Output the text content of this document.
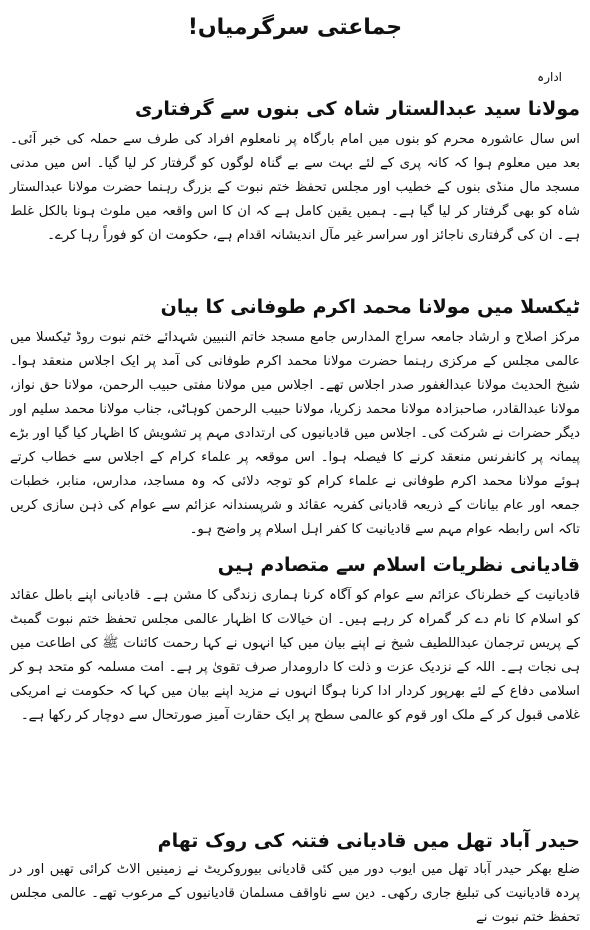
جماعتی سرگرمیاں!
ادارہ
مولانا سید عبدالستار شاہ کی بنوں سے گرفتاری

اس سال عاشورہ محرم کو بنوں میں امام بارگاہ پر نامعلوم افراد کی طرف سے حملہ کی خبر آئی۔ بعد میں معلوم ہوا کہ کانہ پری کے لئے بہت سے بے گناہ لوگوں کو گرفتار کر لیا گیا۔ اس میں مدنی مسجد مال منڈی بنوں کے خطیب اور مجلس تحفظ ختم نبوت کے بزرگ رہنما حضرت مولانا عبدالستار شاہ کو بھی گرفتار کر لیا گیا ہے۔ ہمیں یقین کامل ہے کہ ان کا اس واقعہ میں ملوث ہونا بالکل غلط ہے۔ ان کی گرفتاری ناجائز اور سراسر غیر مآل اندیشانہ اقدام ہے، حکومت ان کو فوراً رہا کرے۔

ٹیکسلا میں مولانا محمد اکرم طوفانی کا بیان

مرکز اصلاح و ارشاد جامعہ سراج المدارس جامع مسجد خاتم النبیین شہدائے ختم نبوت روڈ ٹیکسلا میں عالمی مجلس کے مرکزی رہنما حضرت مولانا محمد اکرم طوفانی کی آمد پر ایک اجلاس منعقد ہوا۔ شیخ الحدیث مولانا عبدالغفور صدر اجلاس تھے۔ اجلاس میں مولانا مفتی حبیب الرحمن، مولانا حق نواز، مولانا عبدالقادر، صاحبزادہ مولانا محمد زکریا، مولانا حبیب الرحمن کوہاٹی، جناب مولانا محمد سلیم اور دیگر حضرات نے شرکت کی۔ اجلاس میں قادیانیوں کی ارتدادی مہم پر تشویش کا اظہار کیا گیا اور بڑے پیمانہ پر کانفرنس منعقد کرنے کا فیصلہ ہوا۔ اس موقعہ پر علماء کرام کے اجلاس سے خطاب کرتے ہوئے مولانا محمد اکرم طوفانی نے علماء کرام کو توجہ دلائی کہ وہ مساجد، مدارس، منابر، خطبات جمعہ اور عام بیانات کے ذریعہ قادیانی کفریہ عقائد و شرپسندانہ عزائم سے عوام کی ذہن سازی کریں تاکہ اس رابطہ عوام مہم سے قادیانیت کا کفر اہل اسلام پر واضح ہو۔

قادیانی نظریات اسلام سے متصادم ہیں

قادیانیت کے خطرناک عزائم سے عوام کو آگاہ کرنا ہماری زندگی کا مشن ہے۔ قادیانی اپنے باطل عقائد کو اسلام کا نام دے کر گمراہ کر رہے ہیں۔ ان خیالات کا اظہار عالمی مجلس تحفظ ختم نبوت گمبٹ کے پریس ترجمان عبداللطیف شیخ نے اپنے بیان میں کیا انہوں نے کہا رحمت کائنات ﷺ کی اطاعت میں ہی نجات ہے۔ اللہ کے نزدیک عزت و ذلت کا دارومدار صرف تقویٰ پر ہے۔ امت مسلمہ کو متحد ہو کر اسلامی دفاع کے لئے بھرپور کردار ادا کرنا ہوگا انہوں نے مزید اپنے بیان میں کہا کہ حکومت نے امریکی غلامی قبول کر کے ملک اور قوم کو عالمی سطح پر ایک حقارت آمیز صورتحال سے دوچار کر رکھا ہے۔

حیدر آباد تھل میں قادیانی فتنہ کی روک تھام

ضلع بھکر حیدر آباد تھل میں ایوب دور میں کئی قادیانی بیوروکریٹ نے زمینیں الاٹ کرائی تھیں اور در پردہ قادیانیت کی تبلیغ جاری رکھی۔ دین سے ناواقف مسلمان قادیانیوں کے مرعوب تھے۔ عالمی مجلس تحفظ ختم نبوت نے
